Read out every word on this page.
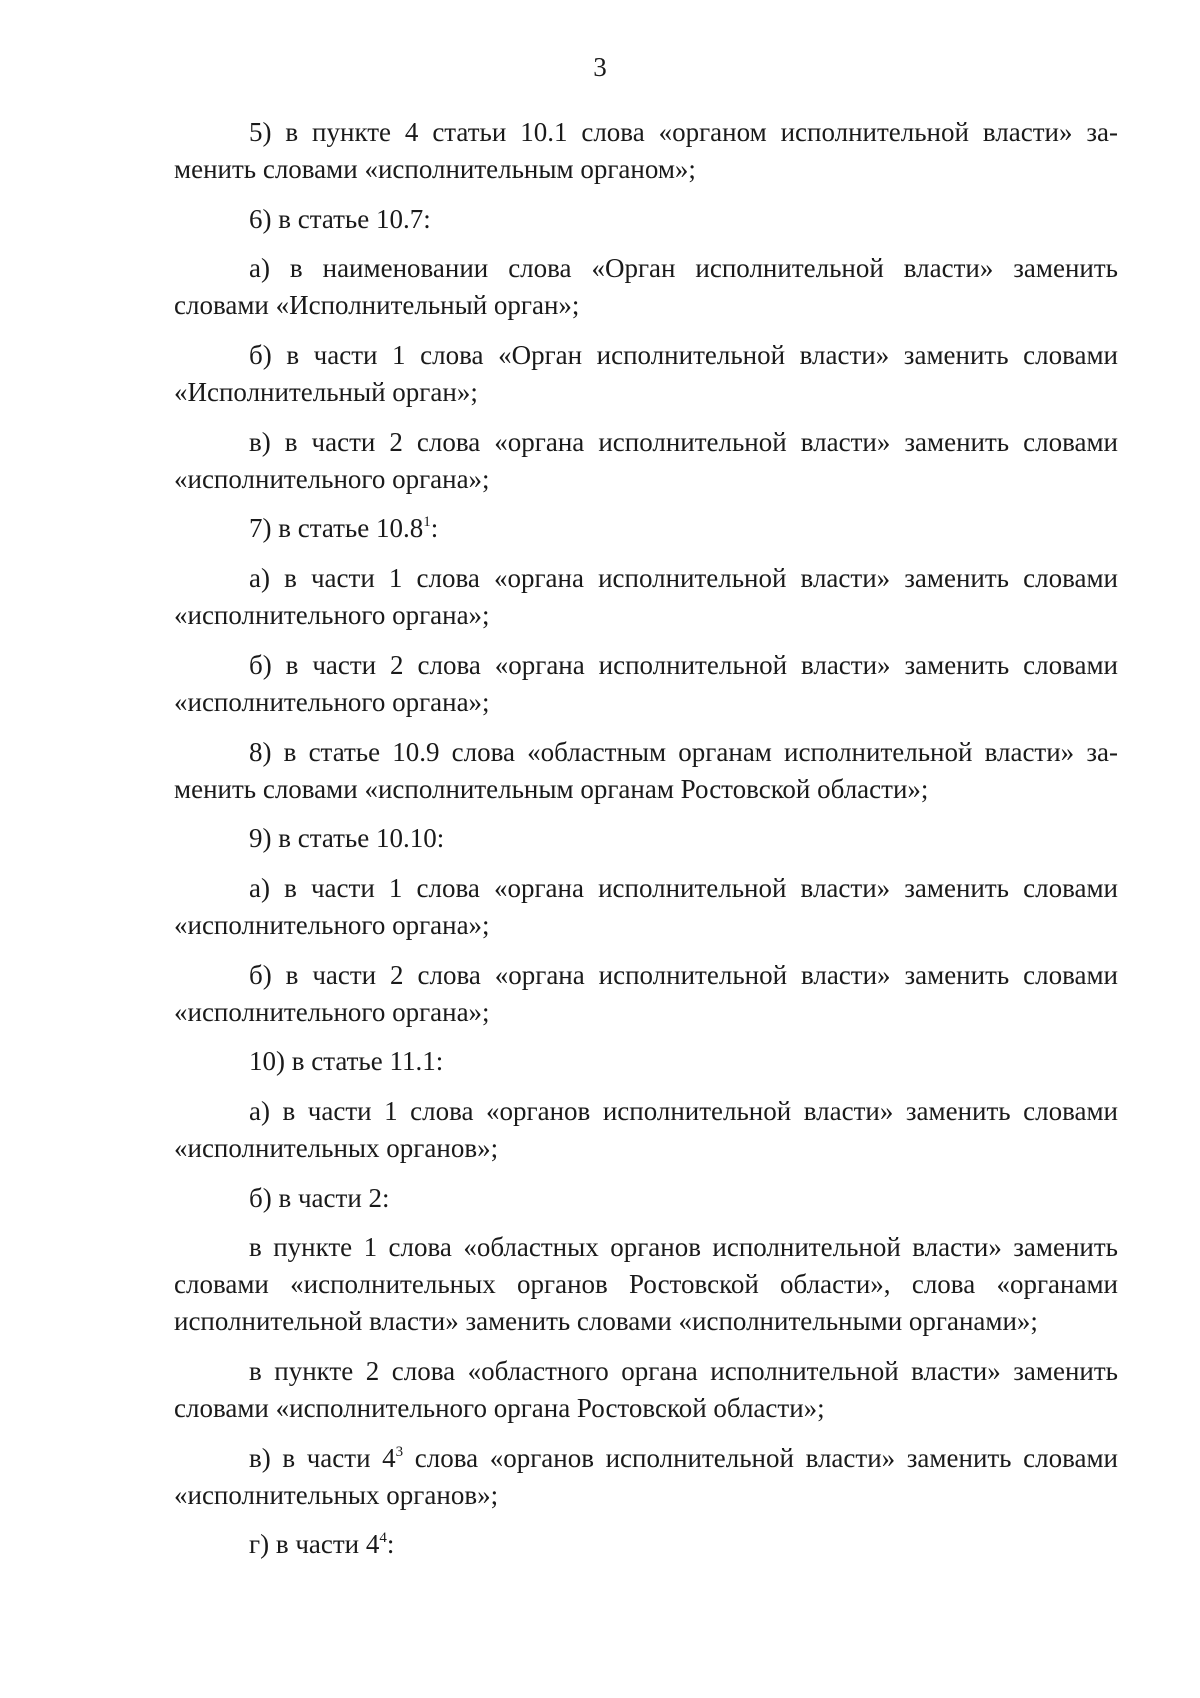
3

5) в пункте 4 статьи 10.1 слова «органом исполнительной власти» заменить словами «исполнительным органом»;

6) в статье 10.7:

а) в наименовании слова «Орган исполнительной власти» заменить словами «Исполнительный орган»;

б) в части 1 слова «Орган исполнительной власти» заменить словами «Исполнительный орган»;

в) в части 2 слова «органа исполнительной власти» заменить словами «исполнительного органа»;

7) в статье 10.8$^1$:

а) в части 1 слова «органа исполнительной власти» заменить словами «исполнительного органа»;

б) в части 2 слова «органа исполнительной власти» заменить словами «исполнительного органа»;

8) в статье 10.9 слова «областным органам исполнительной власти» заменить словами «исполнительным органам Ростовской области»;

9) в статье 10.10:

а) в части 1 слова «органа исполнительной власти» заменить словами «исполнительного органа»;

б) в части 2 слова «органа исполнительной власти» заменить словами «исполнительного органа»;

10) в статье 11.1:

а) в части 1 слова «органов исполнительной власти» заменить словами «исполнительных органов»;

б) в части 2:

в пункте 1 слова «областных органов исполнительной власти» заменить словами «исполнительных органов Ростовской области», слова «органами исполнительной власти» заменить словами «исполнительными органами»;

в пункте 2 слова «областного органа исполнительной власти» заменить словами «исполнительного органа Ростовской области»;

в) в части $4^3$ слова «органов исполнительной власти» заменить словами «исполнительных органов»;

г) в части $4^4$:
